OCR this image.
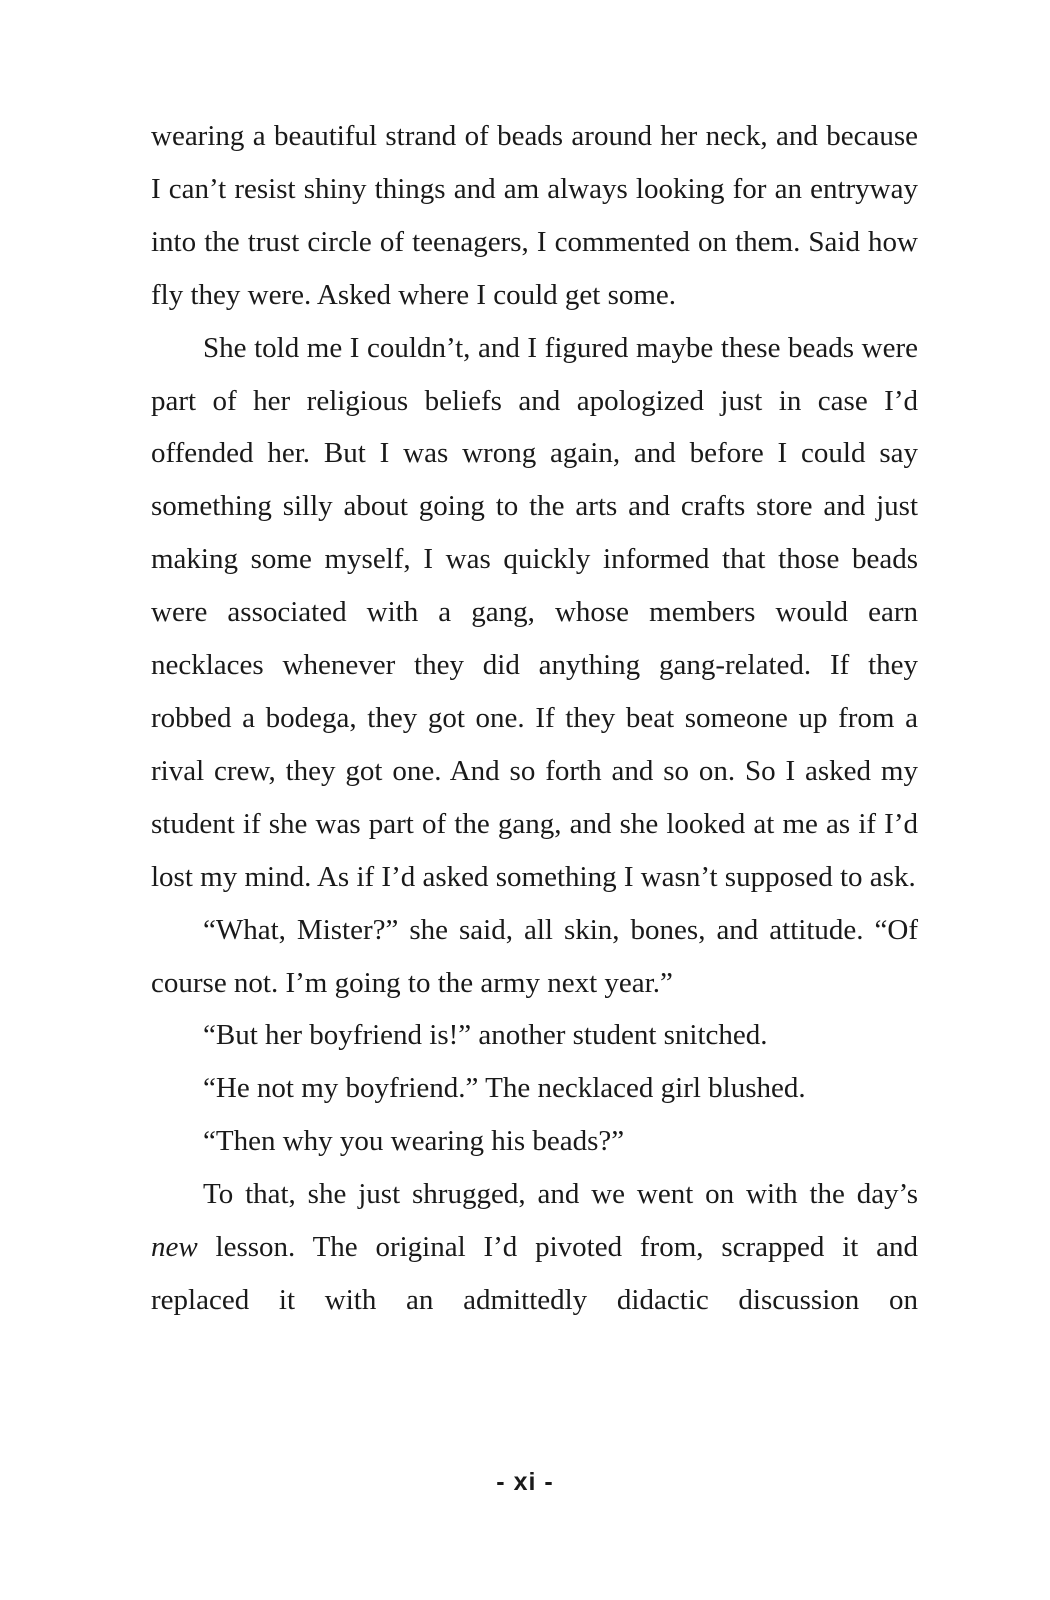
wearing a beautiful strand of beads around her neck, and because I can’t resist shiny things and am always looking for an entryway into the trust circle of teenagers, I commented on them. Said how fly they were. Asked where I could get some.

She told me I couldn’t, and I figured maybe these beads were part of her religious beliefs and apologized just in case I’d offended her. But I was wrong again, and before I could say something silly about going to the arts and crafts store and just making some myself, I was quickly informed that those beads were associated with a gang, whose members would earn necklaces whenever they did anything gang-related. If they robbed a bodega, they got one. If they beat someone up from a rival crew, they got one. And so forth and so on. So I asked my student if she was part of the gang, and she looked at me as if I’d lost my mind. As if I’d asked something I wasn’t supposed to ask.

“What, Mister?” she said, all skin, bones, and attitude. “Of course not. I’m going to the army next year.”

“But her boyfriend is!” another student snitched.

“He not my boyfriend.” The necklaced girl blushed.

“Then why you wearing his beads?”

To that, she just shrugged, and we went on with the day’s new lesson. The original I’d pivoted from, scrapped it and replaced it with an admittedly didactic discussion on

- xi -
